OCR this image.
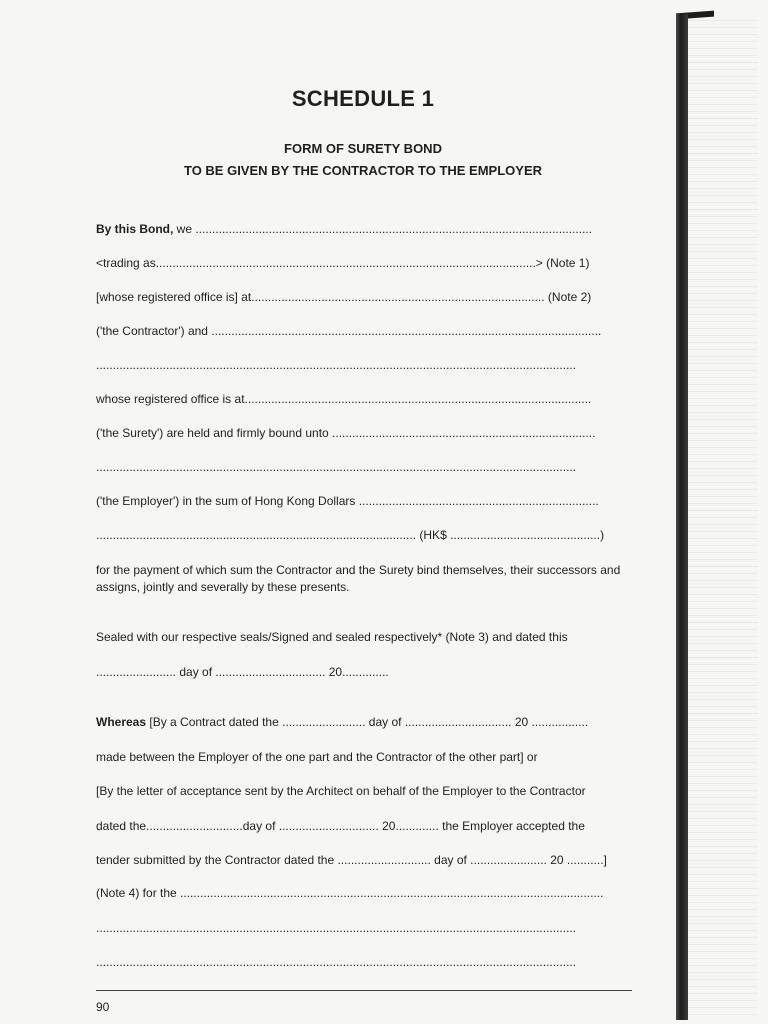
SCHEDULE 1
FORM OF SURETY BOND
TO BE GIVEN BY THE CONTRACTOR TO THE EMPLOYER
By this Bond, we .......................................................................................................................
<trading as..................................................................................................................> (Note 1)
[whose registered office is] at........................................................................................ (Note 2)
('the Contractor') and .....................................................................................................................
................................................................................................................................................
whose registered office is at........................................................................................................
('the Surety') are held and firmly bound unto ...............................................................................
................................................................................................................................................
('the Employer') in the sum of Hong Kong Dollars ........................................................................
................................................................................................ (HK$ .............................................)
for the payment of which sum the Contractor and the Surety bind themselves, their successors and assigns, jointly and severally by these presents.
Sealed with our respective seals/Signed and sealed respectively* (Note 3) and dated this
........................ day of ................................. 20..............
Whereas [By a Contract dated the ......................... day of ................................ 20 .................
made between the Employer of the one part and the Contractor of the other part] or
[By the letter of acceptance sent by the Architect on behalf of the Employer to the Contractor
dated the.............................day of .............................. 20............. the Employer accepted the
tender submitted by the Contractor dated the ............................ day of ....................... 20 ...........]
(Note 4) for the ...............................................................................................................................
................................................................................................................................................
................................................................................................................................................
90
